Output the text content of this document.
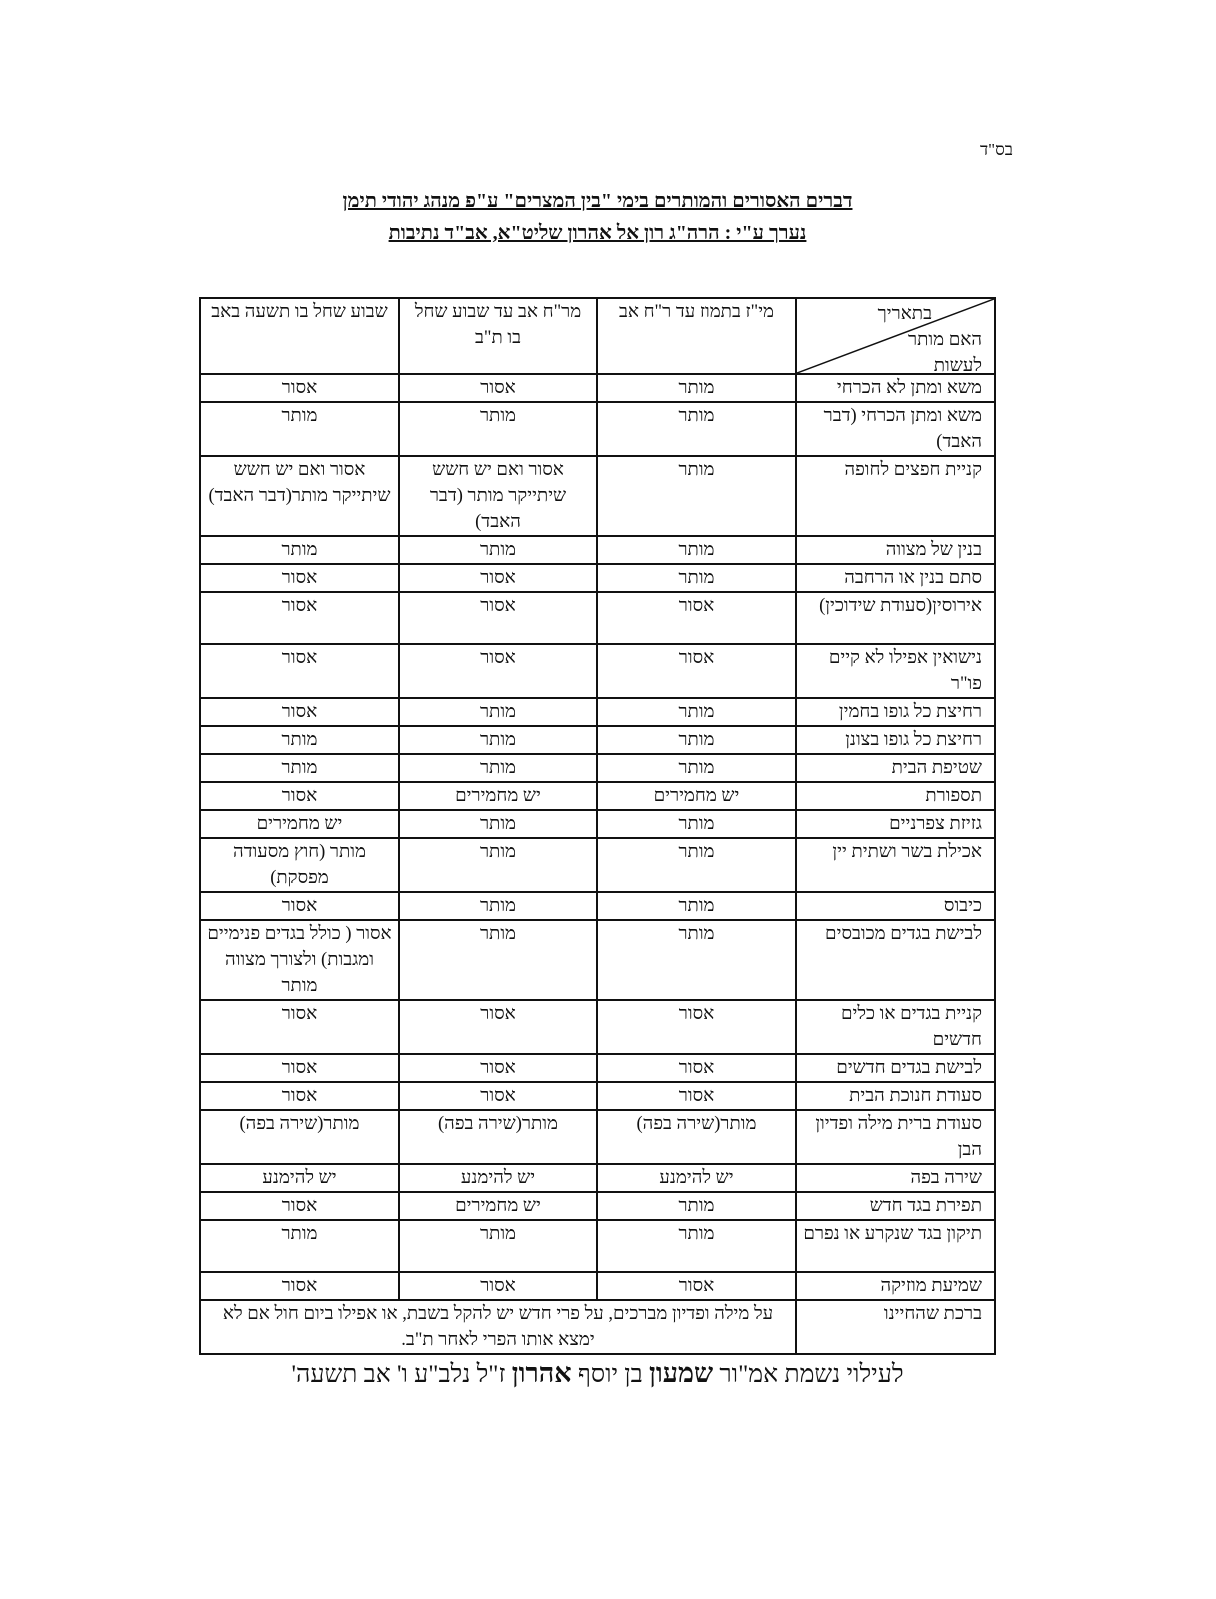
בס"ד
דברים האסורים והמותרים בימי "בין המצרים" ע"פ מנהג יהודי תימן
נערך ע"י : הרה"ג רון אל אהרון שליט"א, אב"ד נתיבות
בתאריך
האם מותר לעשות	מי"ז בתמוז עד ר"ח אב	מר"ח אב עד שבוע שחל בו ת"ב	שבוע שחל בו תשעה באב
משא ומתן לא הכרחי	מותר	אסור	אסור
משא ומתן הכרחי (דבר האבד)	מותר	מותר	מותר
קניית חפצים לחופה	מותר	אסור ואם יש חשש שיתייקר מותר (דבר האבד)	אסור ואם יש חשש שיתייקר מותר(דבר האבד)
בנין של מצווה	מותר	מותר	מותר
סתם בנין או הרחבה	מותר	אסור	אסור
אירוסין(סעודת שידוכין)	אסור	אסור	אסור
נישואין אפילו לא קיים פו"ר	אסור	אסור	אסור
רחיצת כל גופו בחמין	מותר	מותר	אסור
רחיצת כל גופו בצונן	מותר	מותר	מותר
שטיפת הבית	מותר	מותר	מותר
תספורת	יש מחמירים	יש מחמירים	אסור
גזיזת צפרניים	מותר	מותר	יש מחמירים
אכילת בשר ושתית יין	מותר	מותר	מותר (חוץ מסעודה מפסקת)
כיבוס	מותר	מותר	אסור
לבישת בגדים מכובסים	מותר	מותר	אסור ( כולל בגדים פנימיים ומגבות) ולצורך מצווה מותר
קניית בגדים או כלים חדשים	אסור	אסור	אסור
לבישת בגדים חדשים	אסור	אסור	אסור
סעודת חנוכת הבית	אסור	אסור	אסור
סעודת ברית מילה ופדיון הבן	מותר(שירה בפה)	מותר(שירה בפה)	מותר(שירה בפה)
שירה בפה	יש להימנע	יש להימנע	יש להימנע
תפירת בגד חדש	מותר	יש מחמירים	אסור
תיקון בגד שנקרע או נפרם	מותר	מותר	מותר
שמיעת מוזיקה	אסור	אסור	אסור
ברכת שהחיינו	על מילה ופדיון מברכים, על פרי חדש יש להקל בשבת, או אפילו ביום חול אם לא ימצא אותו הפרי לאחר ת"ב.		
לעילוי נשמת אמ"ור שמעון בן יוסף אהרון ז"ל נלב"ע ו' אב תשעה'
